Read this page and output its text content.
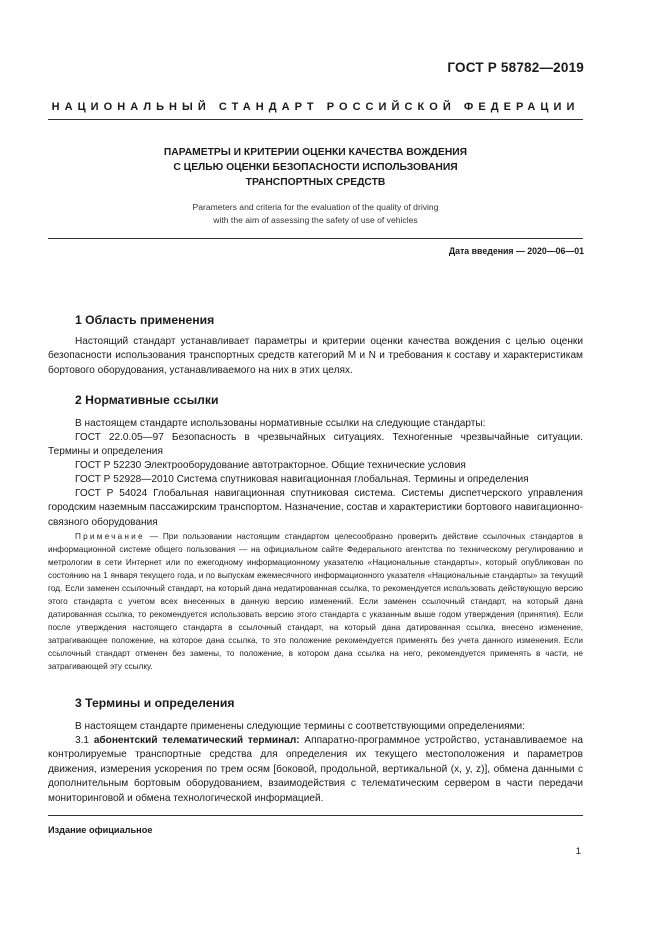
ГОСТ Р 58782—2019
НАЦИОНАЛЬНЫЙ СТАНДАРТ РОССИЙСКОЙ ФЕДЕРАЦИИ
ПАРАМЕТРЫ И КРИТЕРИИ ОЦЕНКИ КАЧЕСТВА ВОЖДЕНИЯ
С ЦЕЛЬЮ ОЦЕНКИ БЕЗОПАСНОСТИ ИСПОЛЬЗОВАНИЯ
ТРАНСПОРТНЫХ СРЕДСТВ
Parameters and criteria for the evaluation of the quality of driving
with the aim of assessing the safety of use of vehicles
Дата введения — 2020—06—01
1 Область применения
Настоящий стандарт устанавливает параметры и критерии оценки качества вождения с целью оценки безопасности использования транспортных средств категорий M и N и требования к составу и характеристикам бортового оборудования, устанавливаемого на них в этих целях.
2 Нормативные ссылки
В настоящем стандарте использованы нормативные ссылки на следующие стандарты:
ГОСТ 22.0.05—97 Безопасность в чрезвычайных ситуациях. Техногенные чрезвычайные ситуации. Термины и определения
ГОСТ Р 52230 Электрооборудование автотракторное. Общие технические условия
ГОСТ Р 52928—2010 Система спутниковая навигационная глобальная. Термины и определения
ГОСТ Р 54024 Глобальная навигационная спутниковая система. Системы диспетчерского управления городским наземным пассажирским транспортом. Назначение, состав и характеристики бортового навигационно-связного оборудования
Примечание — При пользовании настоящим стандартом целесообразно проверить действие ссылочных стандартов в информационной системе общего пользования — на официальном сайте Федерального агентства по техническому регулированию и метрологии в сети Интернет или по ежегодному информационному указателю «Национальные стандарты», который опубликован по состоянию на 1 января текущего года, и по выпускам ежемесячного информационного указателя «Национальные стандарты» за текущий год. Если заменен ссылочный стандарт, на который дана недатированная ссылка, то рекомендуется использовать действующую версию этого стандарта с учетом всех внесенных в данную версию изменений. Если заменен ссылочный стандарт, на который дана датированная ссылка, то рекомендуется использовать версию этого стандарта с указанным выше годом утверждения (принятия). Если после утверждения настоящего стандарта в ссылочный стандарт, на который дана датированная ссылка, внесено изменение, затрагивающее положение, на которое дана ссылка, то это положение рекомендуется применять без учета данного изменения. Если ссылочный стандарт отменен без замены, то положение, в котором дана ссылка на него, рекомендуется применять в части, не затрагивающей эту ссылку.
3 Термины и определения
В настоящем стандарте применены следующие термины с соответствующими определениями:
3.1 абонентский телематический терминал: Аппаратно-программное устройство, устанавливаемое на контролируемые транспортные средства для определения их текущего местоположения и параметров движения, измерения ускорения по трем осям [боковой, продольной, вертикальной (x, y, z)], обмена данными с дополнительным бортовым оборудованием, взаимодействия с телематическим сервером в части передачи мониторинговой и обмена технологической информацией.
Издание официальное
1
